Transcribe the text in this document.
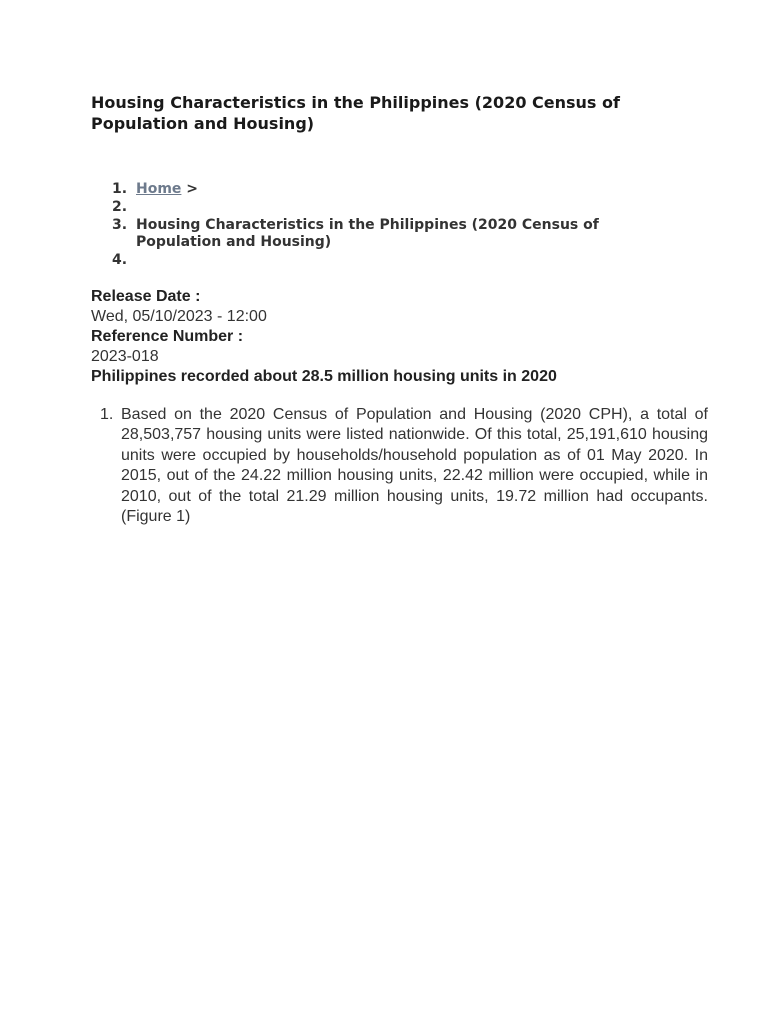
Housing Characteristics in the Philippines (2020 Census of Population and Housing)
1. Home >
2.
3. Housing Characteristics in the Philippines (2020 Census of Population and Housing)
4.
Release Date :
Wed, 05/10/2023 - 12:00
Reference Number :
2023-018
Philippines recorded about 28.5 million housing units in 2020
1. Based on the 2020 Census of Population and Housing (2020 CPH), a total of 28,503,757 housing units were listed nationwide. Of this total, 25,191,610 housing units were occupied by households/household population as of 01 May 2020. In 2015, out of the 24.22 million housing units, 22.42 million were occupied, while in 2010, out of the total 21.29 million housing units, 19.72 million had occupants. (Figure 1)
